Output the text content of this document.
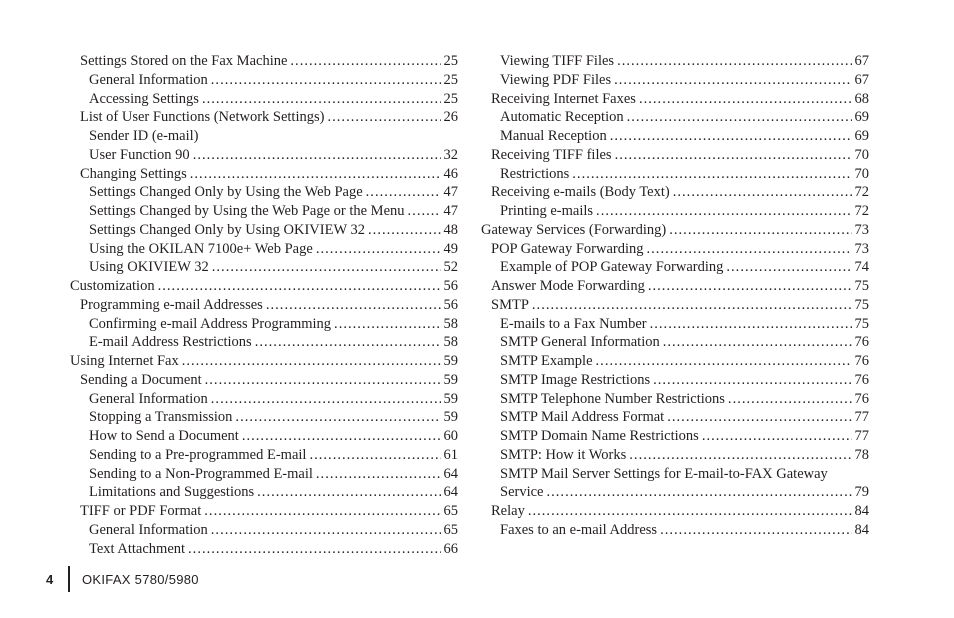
Settings Stored on the Fax Machine . . .	25
General Information . . .	25
Accessing Settings . . .	25
List of User Functions (Network Settings) . . .	26
Sender ID (e-mail)
User Function 90 . . .	32
Changing Settings . . .	46
Settings Changed Only by Using the Web Page . . .	47
Settings Changed by Using the Web Page or the Menu . . .	47
Settings Changed Only by Using OKIVIEW 32 . . .	48
Using the OKILAN 7100e+ Web Page . . .	49
Using OKIVIEW 32 . . .	52
Customization . . .	56
Programming e-mail Addresses . . .	56
Confirming e-mail Address Programming . . .	58
E-mail Address Restrictions . . .	58
Using Internet Fax . . .	59
Sending a Document . . .	59
General Information . . .	59
Stopping a Transmission . . .	59
How to Send a Document . . .	60
Sending to a Pre-programmed E-mail . . .	61
Sending to a Non-Programmed E-mail . . .	64
Limitations and Suggestions . . .	64
TIFF or PDF Format . . .	65
General Information . . .	65
Text Attachment . . .	66
Viewing TIFF Files . . .	67
Viewing PDF Files . . .	67
Receiving Internet Faxes . . .	68
Automatic Reception . . .	69
Manual Reception . . .	69
Receiving TIFF files . . .	70
Restrictions . . .	70
Receiving e-mails (Body Text) . . .	72
Printing e-mails . . .	72
Gateway Services (Forwarding) . . .	73
POP Gateway Forwarding . . .	73
Example of POP Gateway Forwarding . . .	74
Answer Mode Forwarding . . .	75
SMTP . . .	75
E-mails to a Fax Number . . .	75
SMTP General Information . . .	76
SMTP Example . . .	76
SMTP Image Restrictions . . .	76
SMTP Telephone Number Restrictions . . .	76
SMTP Mail Address Format . . .	77
SMTP Domain Name Restrictions . . .	77
SMTP: How it Works . . .	78
SMTP Mail Server Settings for E-mail-to-FAX Gateway
Service . . .	79
Relay . . .	84
Faxes to an e-mail Address . . .	84
4	OKIFAX 5780/5980
